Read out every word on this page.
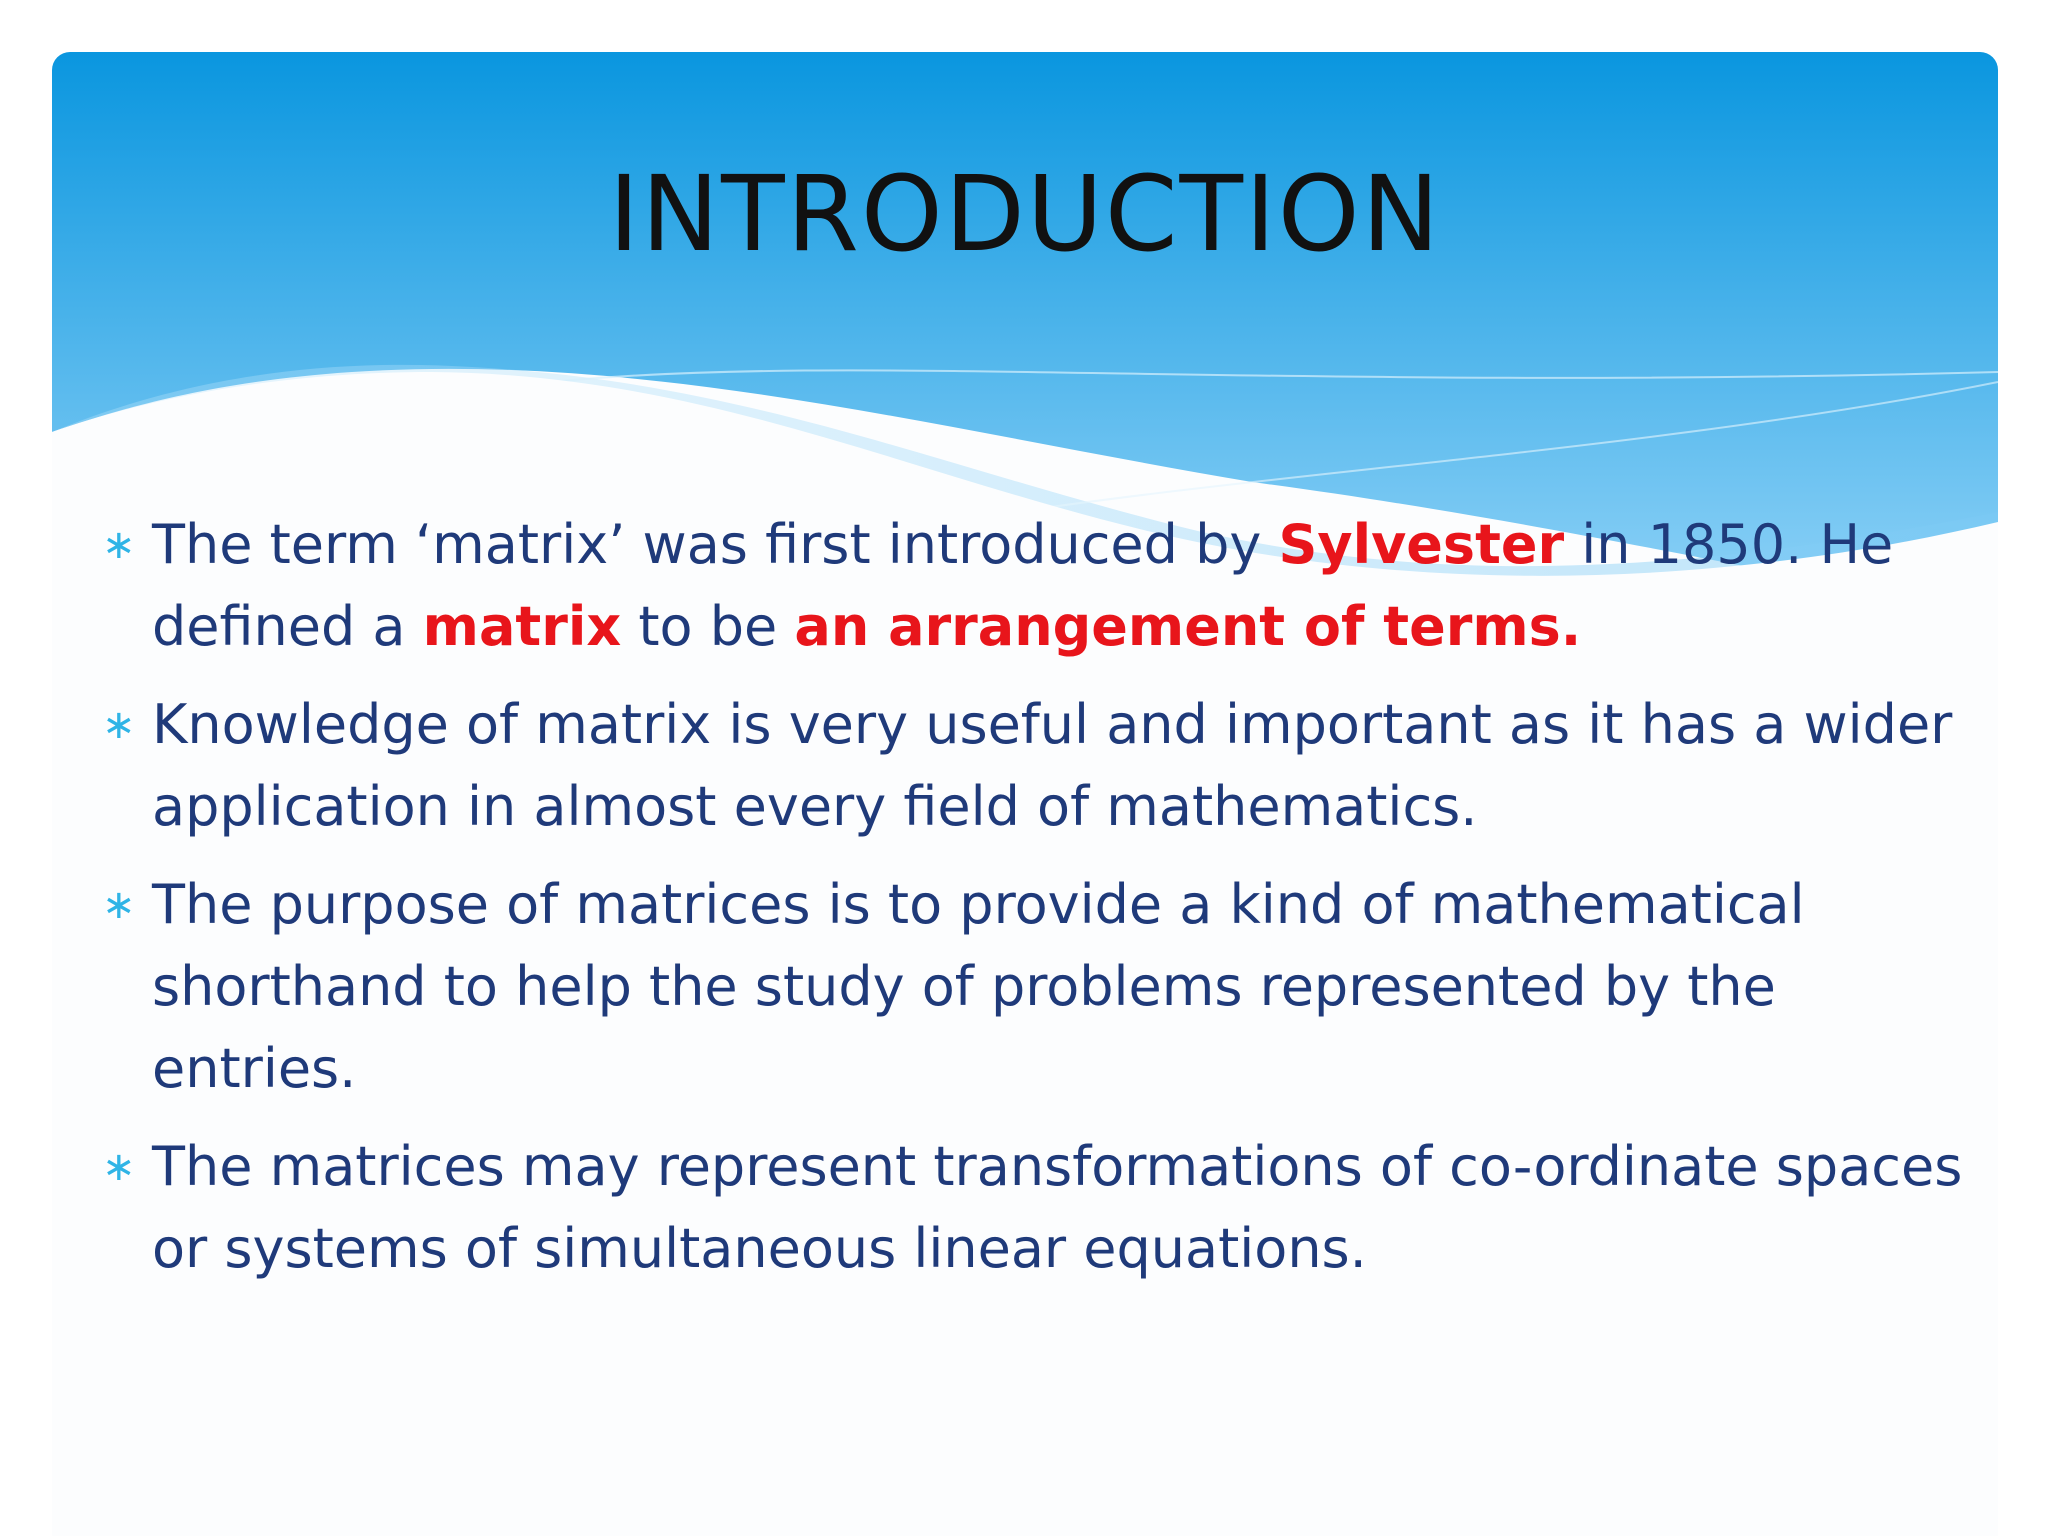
INTRODUCTION
∗ The term ‘matrix’ was first introduced by Sylvester in 1850. He defined a matrix to be an arrangement of terms.
∗ Knowledge of matrix is very useful and important as it has a wider application in almost every field of mathematics.
∗ The purpose of matrices is to provide a kind of mathematical shorthand to help the study of problems represented by the entries.
∗ The matrices may represent transformations of co-ordinate spaces or systems of simultaneous linear equations.
